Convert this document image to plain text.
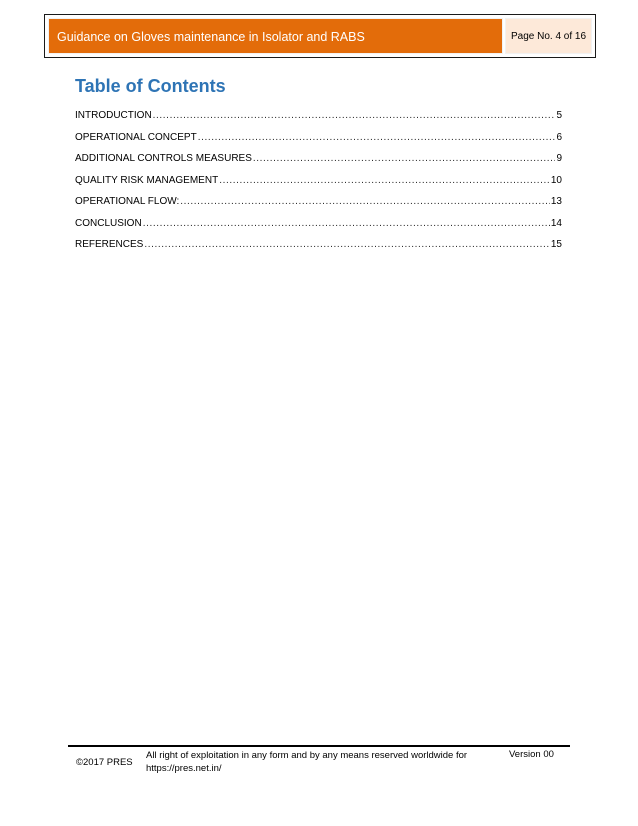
Guidance on Gloves maintenance in Isolator and RABS	Page No. 4 of 16
Table of Contents
INTRODUCTION .....	5
OPERATIONAL CONCEPT .....	6
ADDITIONAL CONTROLS MEASURES .....	9
QUALITY RISK MANAGEMENT .....	10
OPERATIONAL FLOW: .....	13
CONCLUSION .....	14
REFERENCES .....	15
©2017 PRES
All right of exploitation in any form and by any means reserved worldwide for
https://pres.net.in/
Version 00
